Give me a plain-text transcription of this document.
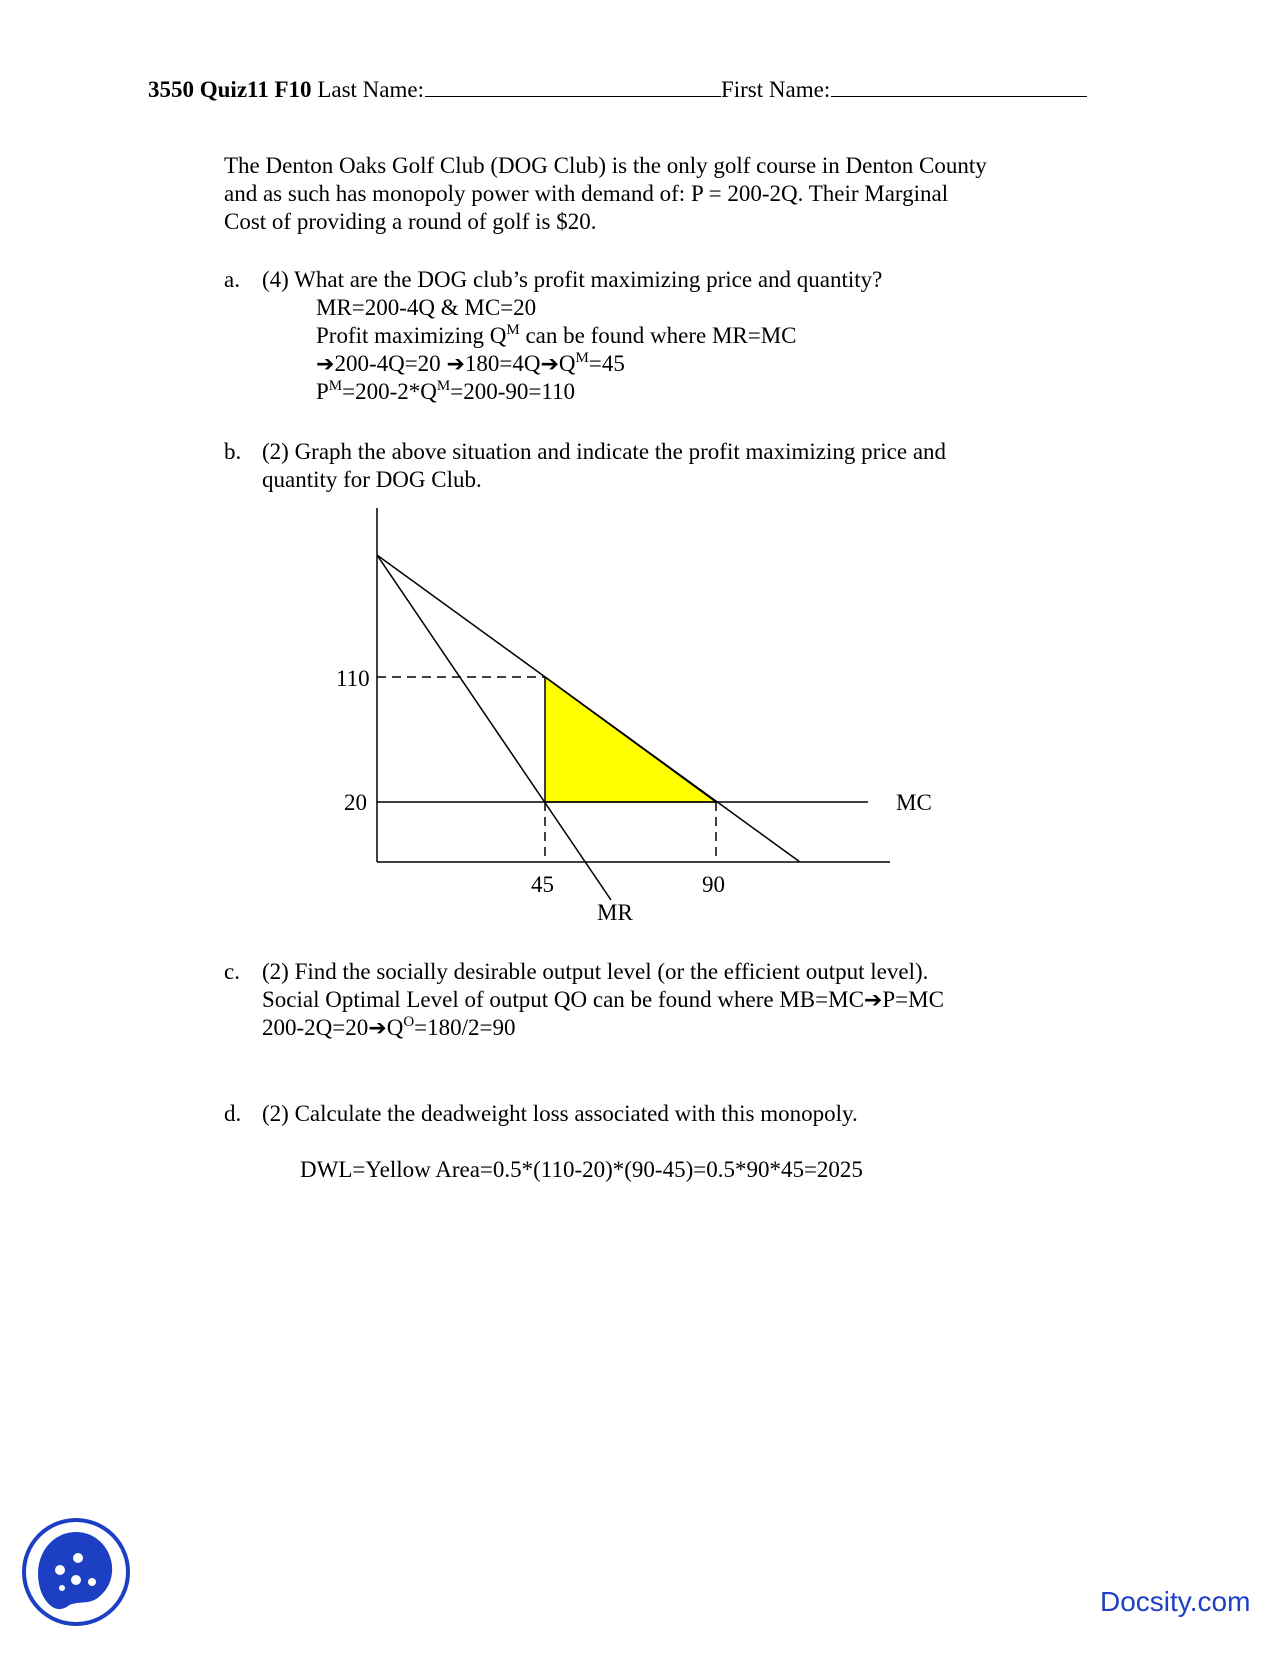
3550 Quiz11 F10 Last Name:	First Name:
The Denton Oaks Golf Club (DOG Club) is the only golf course in Denton County
and as such has monopoly power with demand of: P = 200-2Q. Their Marginal
Cost of providing a round of golf is $20.
a. (4) What are the DOG club’s profit maximizing price and quantity?
MR=200-4Q & MC=20
Profit maximizing $Q^M$ can be found where MR=MC
➔200-4Q=20 $➔180=4Q➔Q^M=45$
$P^M=200-2*Q^M=200-90=110$
b. (2) Graph the above situation and indicate the profit maximizing price and
quantity for DOG Club.
110
20
45	90
MC
MR
c. (2) Find the socially desirable output level (or the efficient output level).
Social Optimal Level of output QO can be found where MB=MC➔P=MC
$200-2Q=20➔Q^O=180/2=90$
d. (2) Calculate the deadweight loss associated with this monopoly.
DWL=Yellow Area=0.5*(110-20)*(90-45)=0.5*90*45=2025
Docsity.com
